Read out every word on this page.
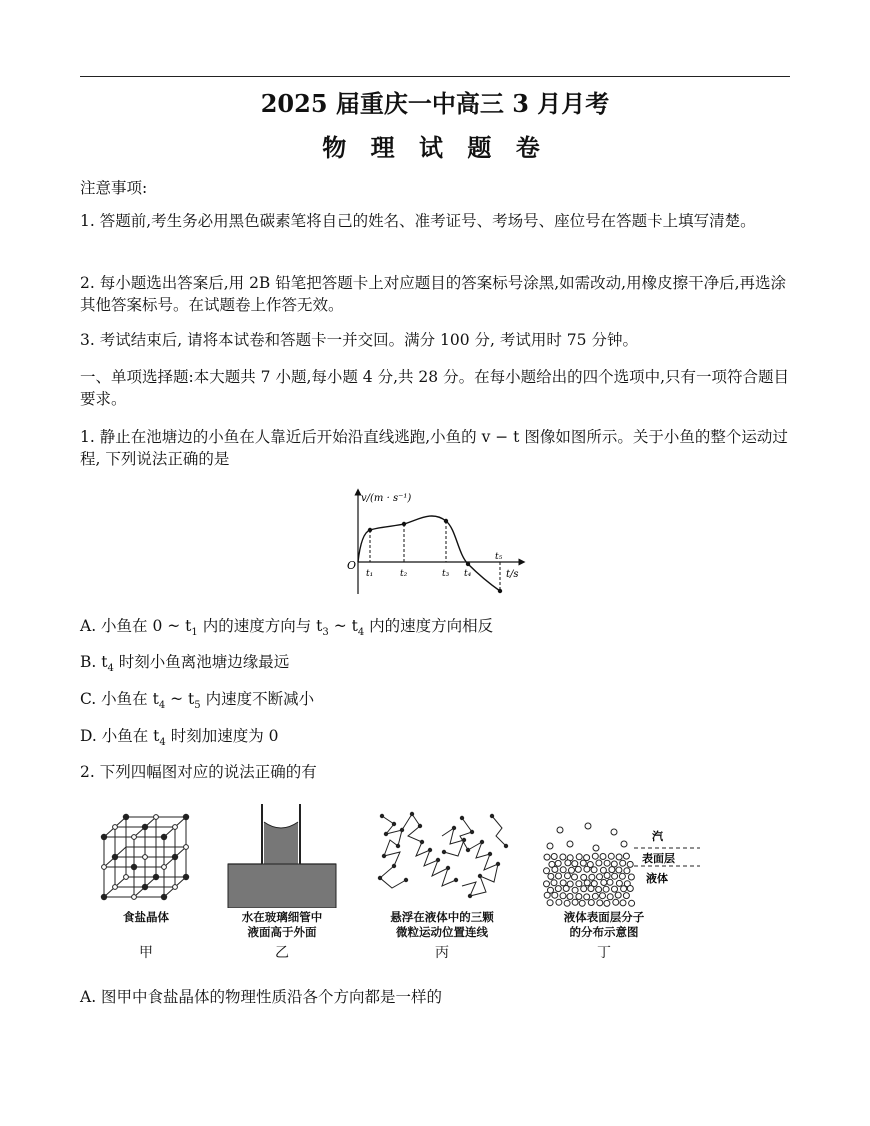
2025 届重庆一中高三 3 月月考
物 理 试 题 卷

注意事项:

1. 答题前,考生务必用黑色碳素笔将自己的姓名、准考证号、考场号、座位号在答题卡上填写清楚。

2. 每小题选出答案后,用 2B 铅笔把答题卡上对应题目的答案标号涂黑,如需改动,用橡皮擦干净后,再选涂其他答案标号。在试题卷上作答无效。

3. 考试结束后, 请将本试卷和答题卡一并交回。满分 100 分, 考试用时 75 分钟。

一、单项选择题:本大题共 7 小题,每小题 4 分,共 28 分。在每小题给出的四个选项中,只有一项符合题目要求。

1. 静止在池塘边的小鱼在人靠近后开始沿直线逃跑,小鱼的 v − t 图像如图所示。关于小鱼的整个运动过程, 下列说法正确的是

v/(m · s⁻¹)
O
t₁	t₂	t₃ t₄
t₅
t/s

A. 小鱼在 0 ~ $t_1$ 内的速度方向与 $t_3$ ~ $t_4$ 内的速度方向相反

B. $t_4$ 时刻小鱼离池塘边缘最远

C. 小鱼在 $t_4$ ~ $t_5$ 内速度不断减小

D. 小鱼在 $t_4$ 时刻加速度为 0

2. 下列四幅图对应的说法正确的有

食盐晶体
甲
水在玻璃细管中
液面高于外面
乙
悬浮在液体中的三颗
微粒运动位置连线
丙
汽
表面层
液体
液体表面层分子
的分布示意图
丁

A. 图甲中食盐晶体的物理性质沿各个方向都是一样的
